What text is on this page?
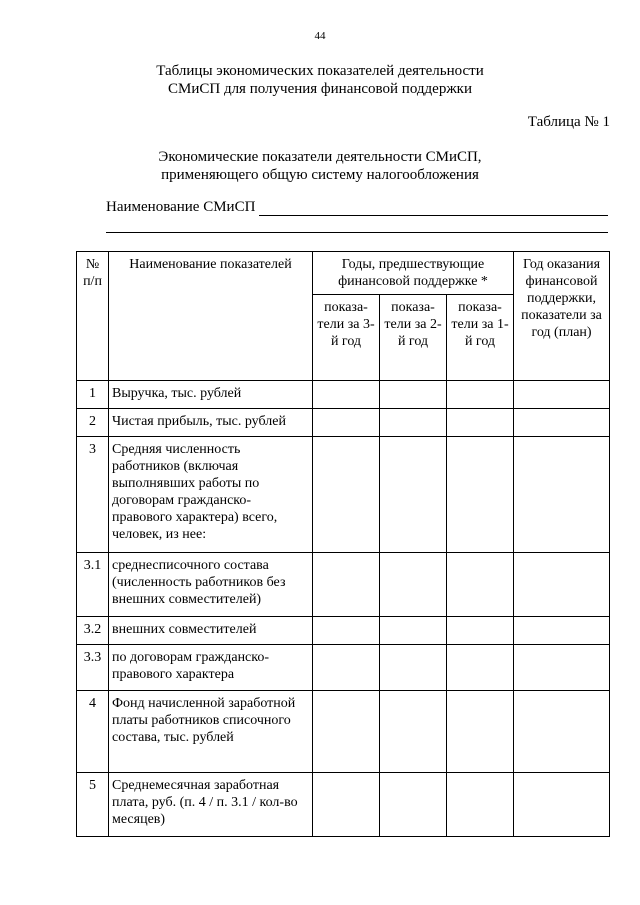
44
Таблицы экономических показателей деятельности
СМиСП для получения финансовой поддержки
Таблица № 1
Экономические показатели деятельности СМиСП,
применяющего общую систему налогообложения
Наименование СМиСП
№ п/п	Наименование показателей	Годы, предшествующие финансовой поддержке *			Год оказания финансовой поддержки, показатели за год (план)
		показа-тели за 3-й год	показа-тели за 2-й год	показа-тели за 1-й год	
1	Выручка, тыс. рублей				
2	Чистая прибыль, тыс. рублей				
3	Средняя численность работников (включая выполнявших работы по договорам гражданско-правового характера) всего, человек, из нее:				
3.1	среднесписочного состава (численность работников без внешних совместителей)				
3.2	внешних совместителей				
3.3	по договорам гражданско-правового характера				
4	Фонд начисленной заработной платы работников списочного состава, тыс. рублей				
5	Среднемесячная заработная плата, руб. (п. 4 / п. 3.1 / кол-во месяцев)				
